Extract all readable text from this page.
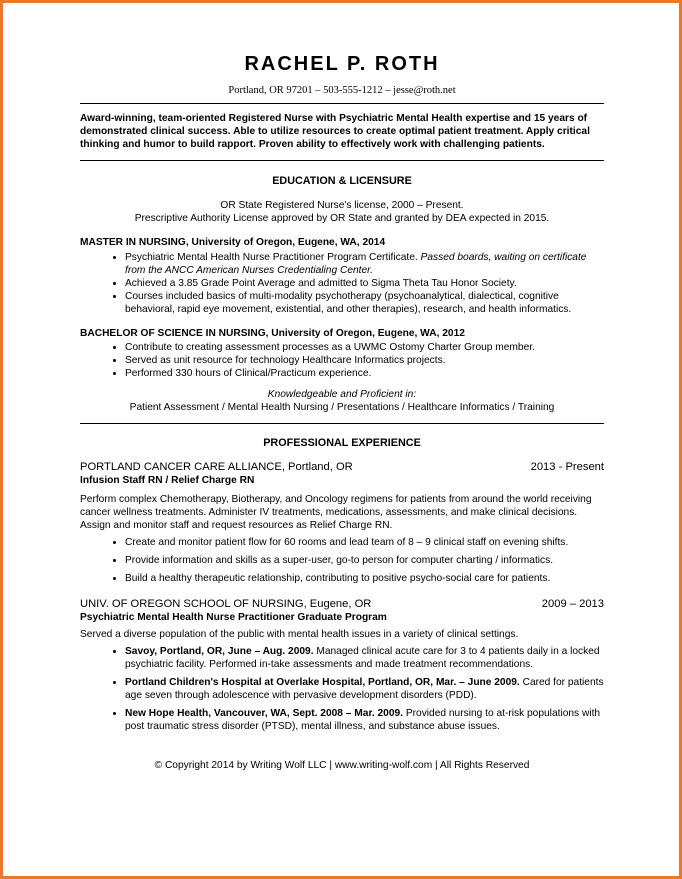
RACHEL P. ROTH
Portland, OR 97201 – 503-555-1212 – jesse@roth.net

Award-winning, team-oriented Registered Nurse with Psychiatric Mental Health expertise and 15 years of demonstrated clinical success. Able to utilize resources to create optimal patient treatment. Apply critical thinking and humor to build rapport. Proven ability to effectively work with challenging patients.

EDUCATION & LICENSURE
OR State Registered Nurse's license, 2000 – Present.
Prescriptive Authority License approved by OR State and granted by DEA expected in 2015.
MASTER IN NURSING, University of Oregon, Eugene, WA, 2014
• Psychiatric Mental Health Nurse Practitioner Program Certificate. Passed boards, waiting on certificate from the ANCC American Nurses Credentialing Center.
• Achieved a 3.85 Grade Point Average and admitted to Sigma Theta Tau Honor Society.
• Courses included basics of multi-modality psychotherapy (psychoanalytical, dialectical, cognitive behavioral, rapid eye movement, existential, and other therapies), research, and health informatics.
BACHELOR OF SCIENCE IN NURSING, University of Oregon, Eugene, WA, 2012
• Contribute to creating assessment processes as a UWMC Ostomy Charter Group member.
• Served as unit resource for technology Healthcare Informatics projects.
• Performed 330 hours of Clinical/Practicum experience.
Knowledgeable and Proficient in:
Patient Assessment / Mental Health Nursing / Presentations / Healthcare Informatics / Training
PROFESSIONAL EXPERIENCE
PORTLAND CANCER CARE ALLIANCE, Portland, OR	2013 - Present
Infusion Staff RN / Relief Charge RN

Perform complex Chemotherapy, Biotherapy, and Oncology regimens for patients from around the world receiving cancer wellness treatments. Administer IV treatments, medications, assessments, and make clinical decisions. Assign and monitor staff and request resources as Relief Charge RN.

• Create and monitor patient flow for 60 rooms and lead team of 8 – 9 clinical staff on evening shifts.
• Provide information and skills as a super-user, go-to person for computer charting / informatics.
• Build a healthy therapeutic relationship, contributing to positive psycho-social care for patients.
UNIV. OF OREGON SCHOOL OF NURSING, Eugene, OR	2009 – 2013
Psychiatric Mental Health Nurse Practitioner Graduate Program

Served a diverse population of the public with mental health issues in a variety of clinical settings.

• Savoy, Portland, OR, June – Aug. 2009. Managed clinical acute care for 3 to 4 patients daily in a locked psychiatric facility. Performed in-take assessments and made treatment recommendations.
• Portland Children's Hospital at Overlake Hospital, Portland, OR, Mar. – June 2009. Cared for patients age seven through adolescence with pervasive development disorders (PDD).
• New Hope Health, Vancouver, WA, Sept. 2008 – Mar. 2009. Provided nursing to at-risk populations with post traumatic stress disorder (PTSD), mental illness, and substance abuse issues.
© Copyright 2014 by Writing Wolf LLC | www.writing-wolf.com | All Rights Reserved
